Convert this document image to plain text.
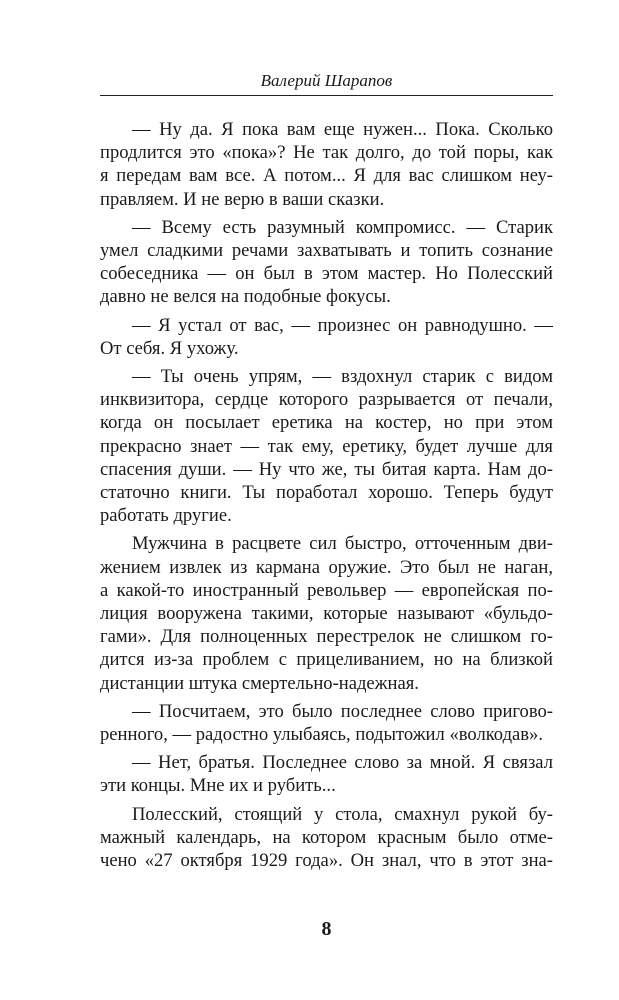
Валерий Шарапов
— Ну да. Я пока вам еще нужен... Пока. Сколько
продлится это «пока»? Не так долго, до той поры, как
я передам вам все. А потом... Я для вас слишком неу-
правляем. И не верю в ваши сказки.
— Всему есть разумный компромисс. — Старик
умел сладкими речами захватывать и топить сознание
собеседника — он был в этом мастер. Но Полесский
давно не велся на подобные фокусы.
— Я устал от вас, — произнес он равнодушно. —
От себя. Я ухожу.
— Ты очень упрям, — вздохнул старик с видом
инквизитора, сердце которого разрывается от печали,
когда он посылает еретика на костер, но при этом
прекрасно знает — так ему, еретику, будет лучше для
спасения души. — Ну что же, ты битая карта. Нам до-
статочно книги. Ты поработал хорошо. Теперь будут
работать другие.
Мужчина в расцвете сил быстро, отточенным дви-
жением извлек из кармана оружие. Это был не наган,
а какой-то иностранный револьвер — европейская по-
лиция вооружена такими, которые называют «бульдо-
гами». Для полноценных перестрелок не слишком го-
дится из-за проблем с прицеливанием, но на близкой
дистанции штука смертельно-надежная.
— Посчитаем, это было последнее слово пригово-
ренного, — радостно улыбаясь, подытожил «волкодав».
— Нет, братья. Последнее слово за мной. Я связал
эти концы. Мне их и рубить...
Полесский, стоящий у стола, смахнул рукой бу-
мажный календарь, на котором красным было отме-
чено «27 октября 1929 года». Он знал, что в этот зна-
8
